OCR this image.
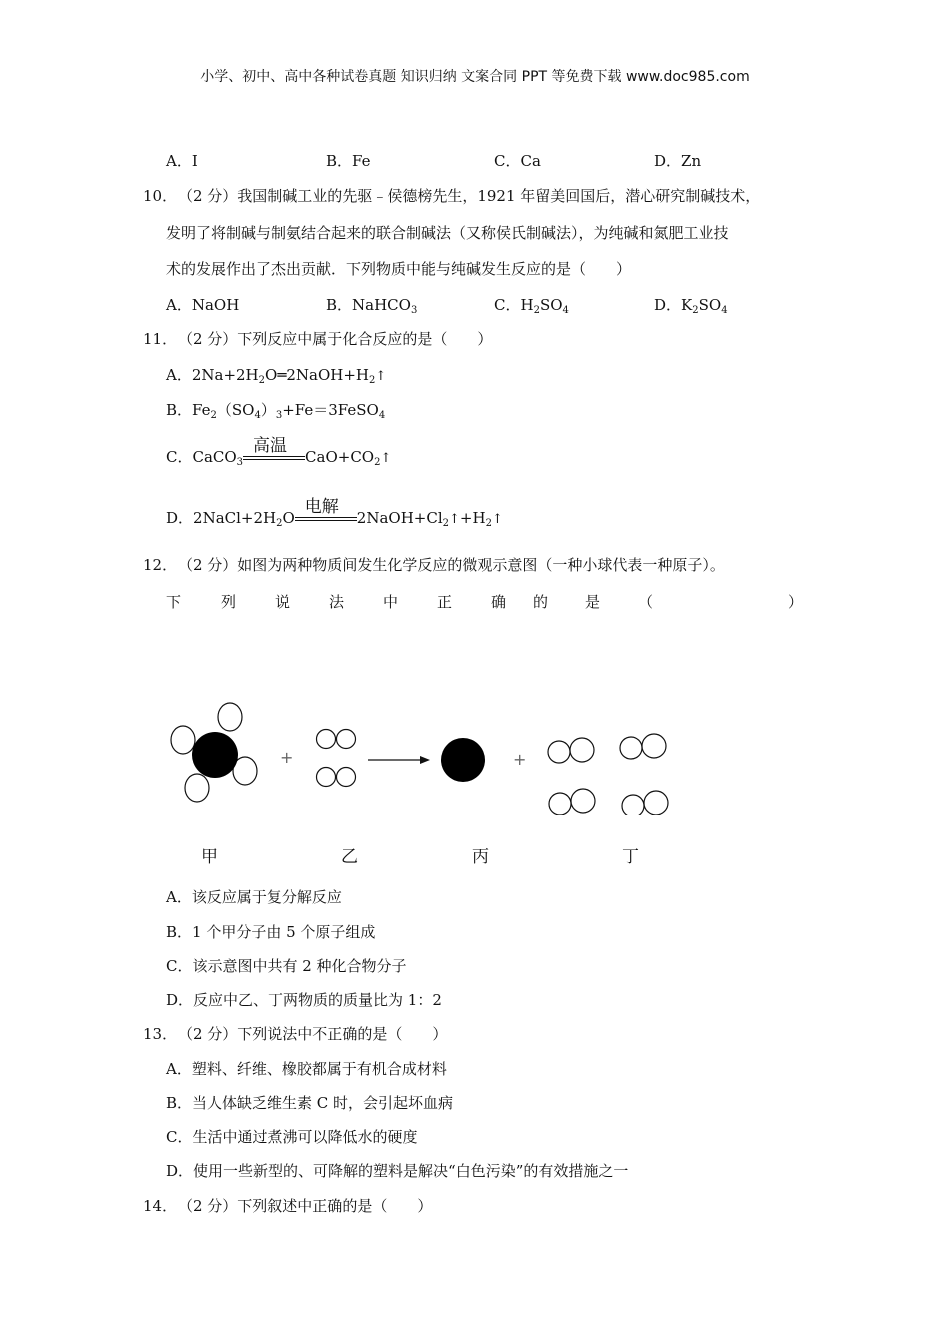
小学、初中、高中各种试卷真题 知识归纳 文案合同 PPT 等免费下载 www.doc985.com
A．I	B．Fe	C．Ca	D．Zn
10． （2 分）我国制碱工业的先驱﹣侯德榜先生，1921 年留美回国后，潜心研究制碱技术，
发明了将制碱与制氨结合起来的联合制碱法（又称侯氏制碱法），为纯碱和氮肥工业技
术的发展作出了杰出贡献．下列物质中能与纯碱发生反应的是（　　）
A．NaOH	B．NaHCO$_3$	C．$H_2SO_4$	D．$K_2SO_4$
11． （2 分）下列反应中属于化合反应的是（　　）
A．$2Na+2H_2O═2NaOH+H_2↑$
B．$Fe_2(SO_4)_3+Fe=3FeSO_4$
C．CaCO$_3$
高温
$CaO+CO_2↑$
D．$2NaCl+2H_2O$
电解
$2NaOH+Cl_2↑+H_2↑$
12． （2 分）如图为两种物质间发生化学反应的微观示意图（一种小球代表一种原子）。
下	列	说	法	中	正	确 的 是	（	）
+	+
甲	乙	丙	丁
A．该反应属于复分解反应
B．1 个甲分子由 5 个原子组成
C．该示意图中共有 2 种化合物分子
D．反应中乙、丁两物质的质量比为 1：2
13． （2 分）下列说法中不正确的是（　　）
A．塑料、纤维、橡胶都属于有机合成材料
B．当人体缺乏维生素 C 时，会引起坏血病
C．生活中通过煮沸可以降低水的硬度
D．使用一些新型的、可降解的塑料是解决“白色污染”的有效措施之一
14． （2 分）下列叙述中正确的是（　　）
